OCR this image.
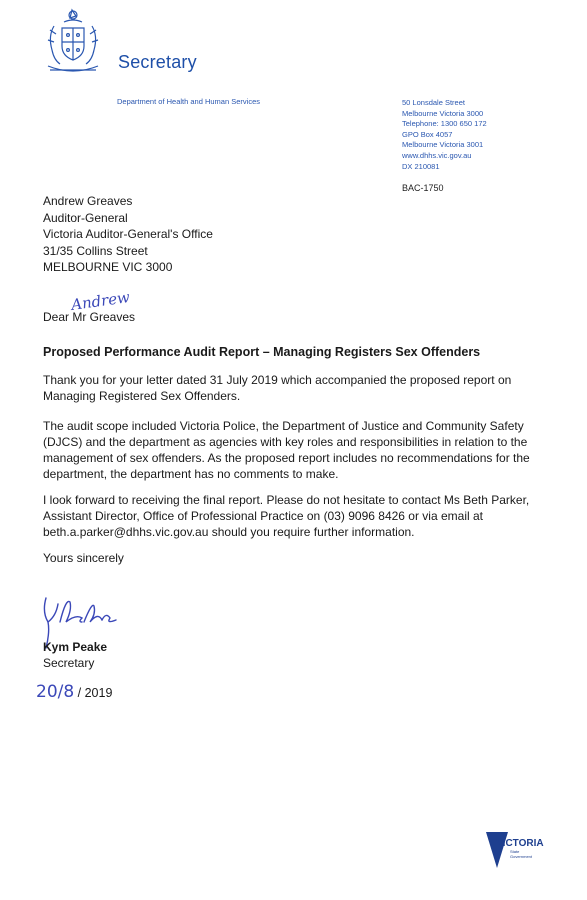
Secretary
Department of Health and Human Services	50 Lonsdale Street
Melbourne Victoria 3000
Telephone: 1300 650 172
GPO Box 4057
Melbourne Victoria 3001
www.dhhs.vic.gov.au
DX 210081
BAC-1750
Andrew Greaves
Auditor-General
Victoria Auditor-General's Office
31/35 Collins Street
MELBOURNE VIC 3000
Andrew
Dear Mr Greaves
Proposed Performance Audit Report – Managing Registers Sex Offenders
Thank you for your letter dated 31 July 2019 which accompanied the proposed report on Managing Registered Sex Offenders.
The audit scope included Victoria Police, the Department of Justice and Community Safety (DJCS) and the department as agencies with key roles and responsibilities in relation to the management of sex offenders. As the proposed report includes no recommendations for the department, the department has no comments to make.
I look forward to receiving the final report. Please do not hesitate to contact Ms Beth Parker, Assistant Director, Office of Professional Practice on (03) 9096 8426 or via email at beth.a.parker@dhhs.vic.gov.au should you require further information.
Yours sincerely
Kym Peake
Secretary
20/8 / 2019
VICTORIA
State
Government
